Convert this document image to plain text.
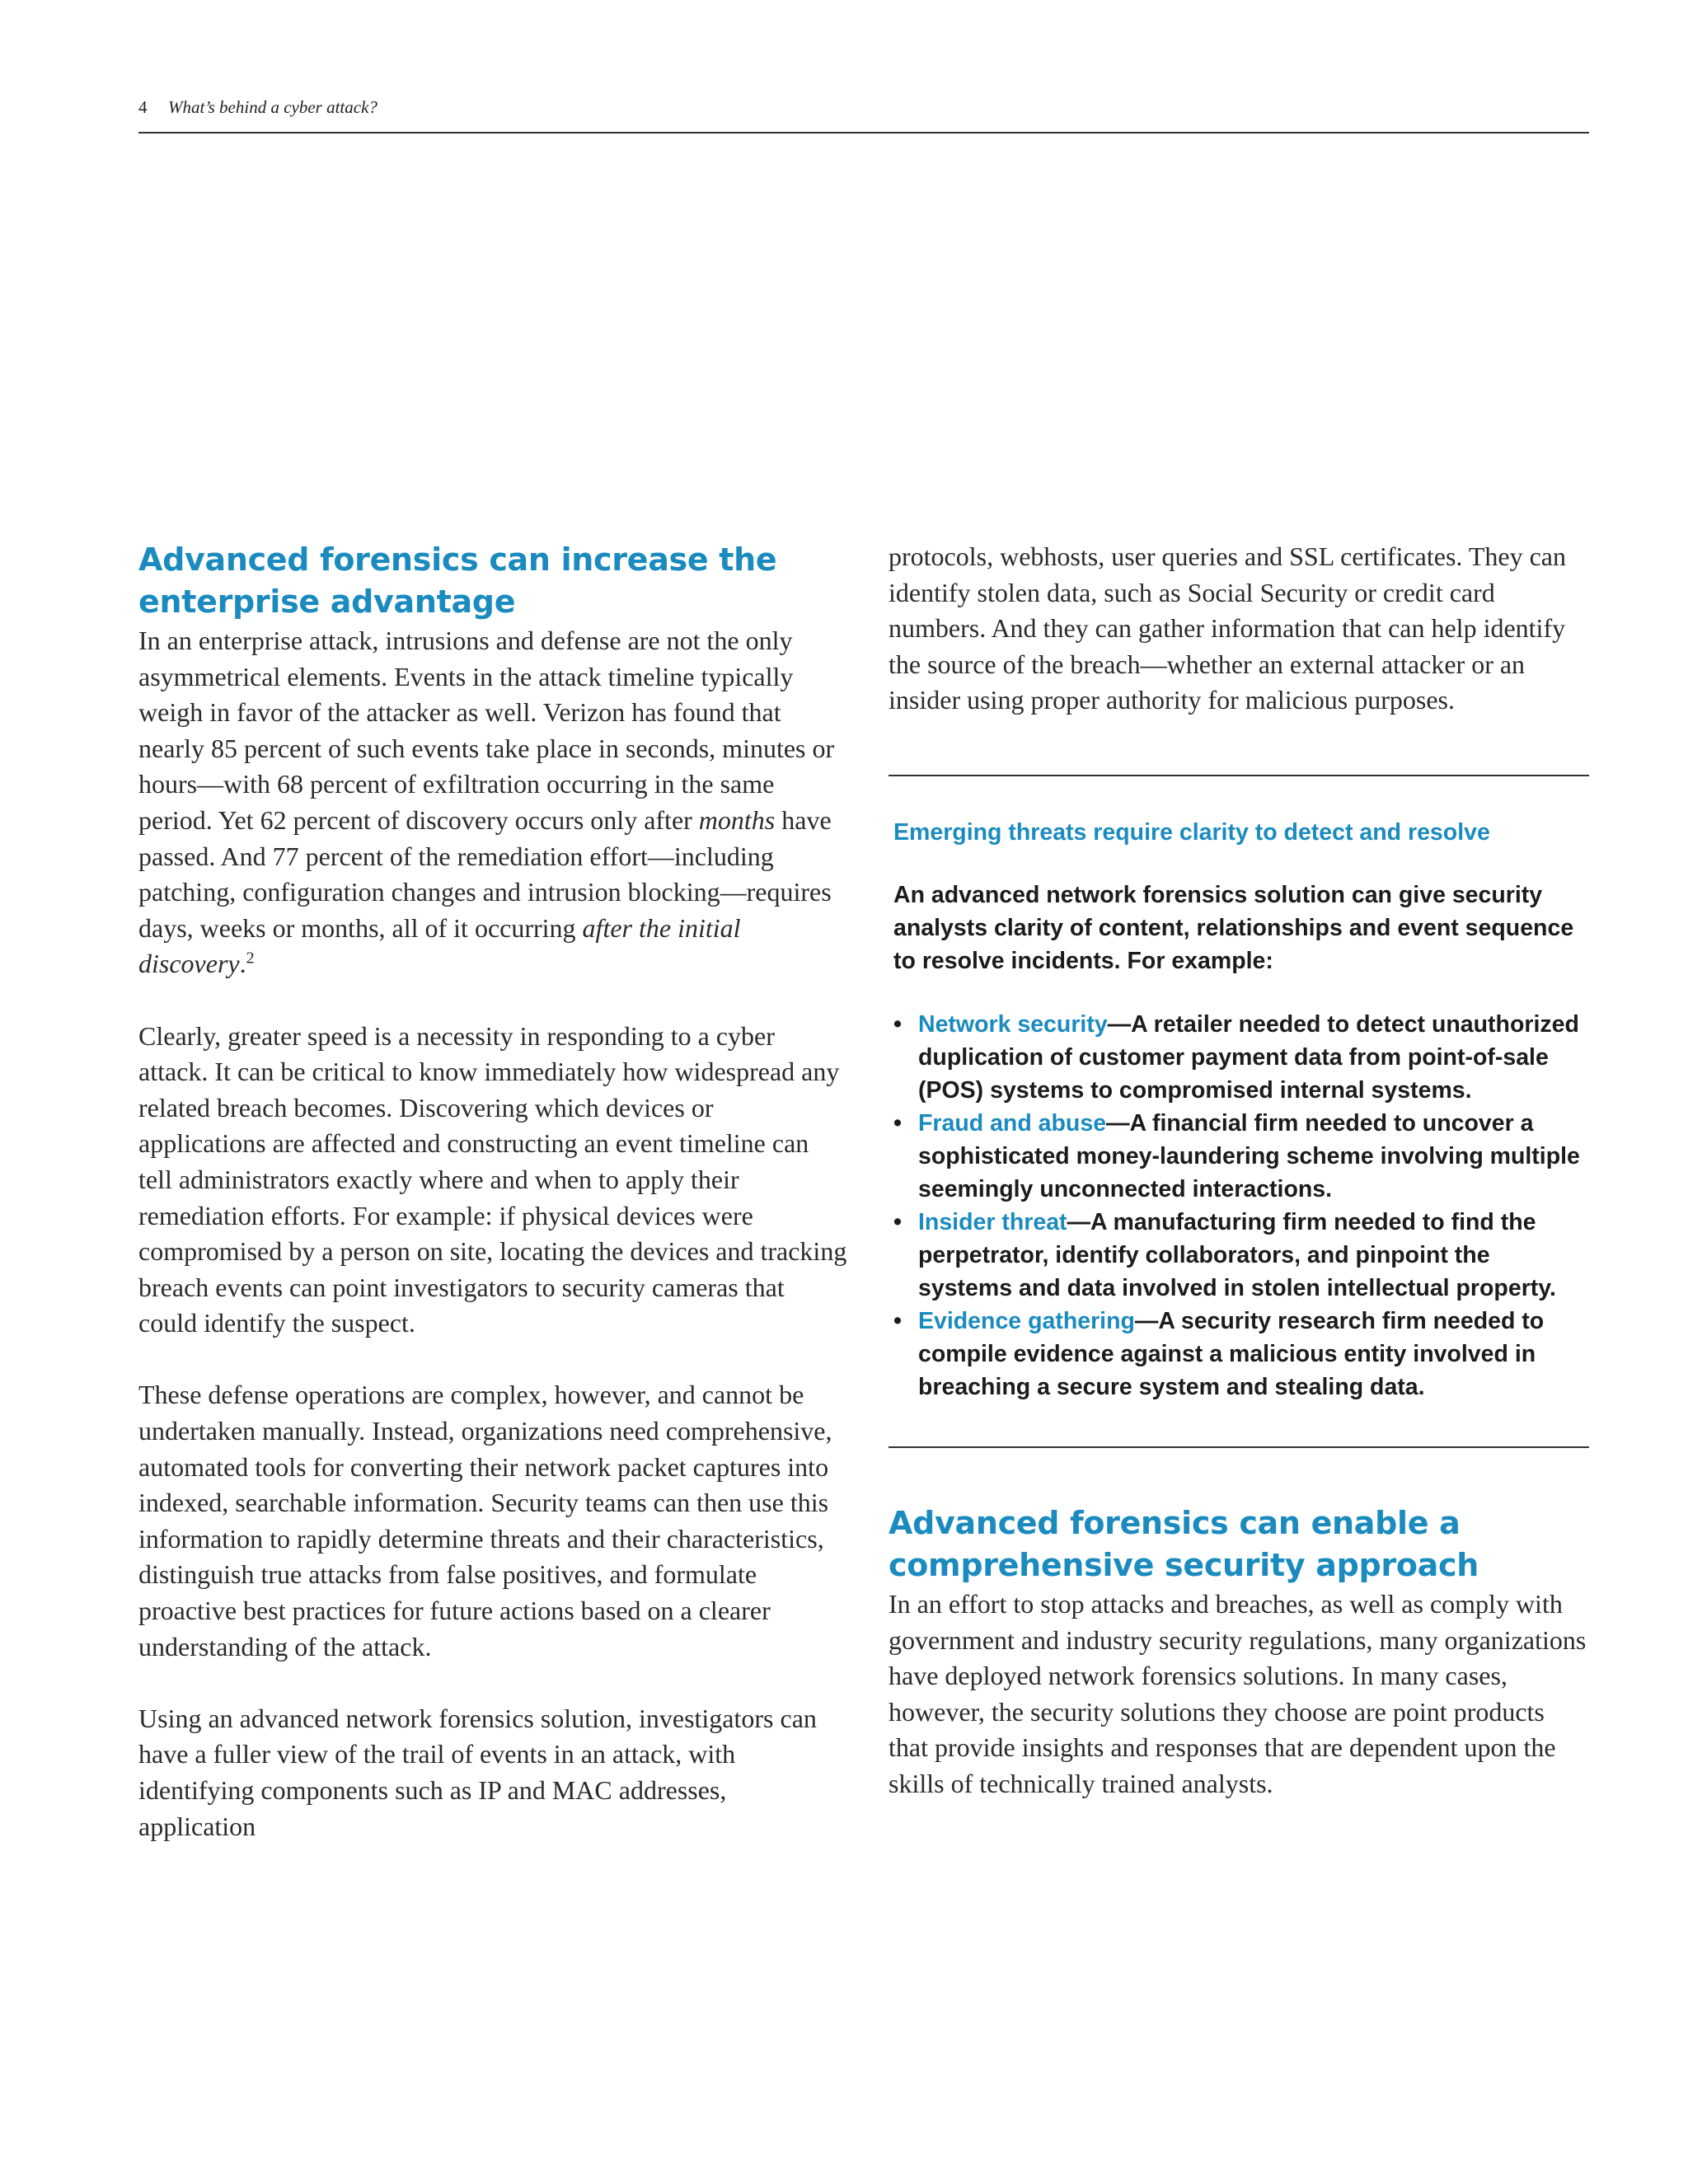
4 What’s behind a cyber attack?
Advanced forensics can increase the
enterprise advantage

In an enterprise attack, intrusions and defense are not the only asymmetrical elements. Events in the attack timeline typically weigh in favor of the attacker as well. Verizon has found that nearly 85 percent of such events take place in seconds, minutes or hours—with 68 percent of exfiltration occurring in the same period. Yet 62 percent of discovery occurs only after months have passed. And 77 percent of the remediation effort—including patching, configuration changes and intrusion blocking—requires days, weeks or months, all of it occurring after the initial discovery.$^2$

Clearly, greater speed is a necessity in responding to a cyber attack. It can be critical to know immediately how widespread any related breach becomes. Discovering which devices or applications are affected and constructing an event timeline can tell administrators exactly where and when to apply their remediation efforts. For example: if physical devices were compromised by a person on site, locating the devices and tracking breach events can point investigators to security cameras that could identify the suspect.

These defense operations are complex, however, and cannot be undertaken manually. Instead, organizations need comprehensive, automated tools for converting their network packet captures into indexed, searchable information. Security teams can then use this information to rapidly determine threats and their characteristics, distinguish true attacks from false positives, and formulate proactive best practices for future actions based on a clearer understanding of the attack.

Using an advanced network forensics solution, investigators can have a fuller view of the trail of events in an attack, with identifying components such as IP and MAC addresses, application

protocols, webhosts, user queries and SSL certificates. They can identify stolen data, such as Social Security or credit card numbers. And they can gather information that can help identify the source of the breach—whether an external attacker or an insider using proper authority for malicious purposes.

Emerging threats require clarity to detect and resolve

An advanced network forensics solution can give security analysts clarity of content, relationships and event sequence to resolve incidents. For example:

• Network security—A retailer needed to detect unauthorized duplication of customer payment data from point-of-sale (POS) systems to compromised internal systems.
• Fraud and abuse—A financial firm needed to uncover a sophisticated money-laundering scheme involving multiple seemingly unconnected interactions.
• Insider threat—A manufacturing firm needed to find the perpetrator, identify collaborators, and pinpoint the systems and data involved in stolen intellectual property.
• Evidence gathering—A security research firm needed to compile evidence against a malicious entity involved in breaching a secure system and stealing data.
Advanced forensics can enable a
comprehensive security approach

In an effort to stop attacks and breaches, as well as comply with government and industry security regulations, many organizations have deployed network forensics solutions. In many cases, however, the security solutions they choose are point products that provide insights and responses that are dependent upon the skills of technically trained analysts.
